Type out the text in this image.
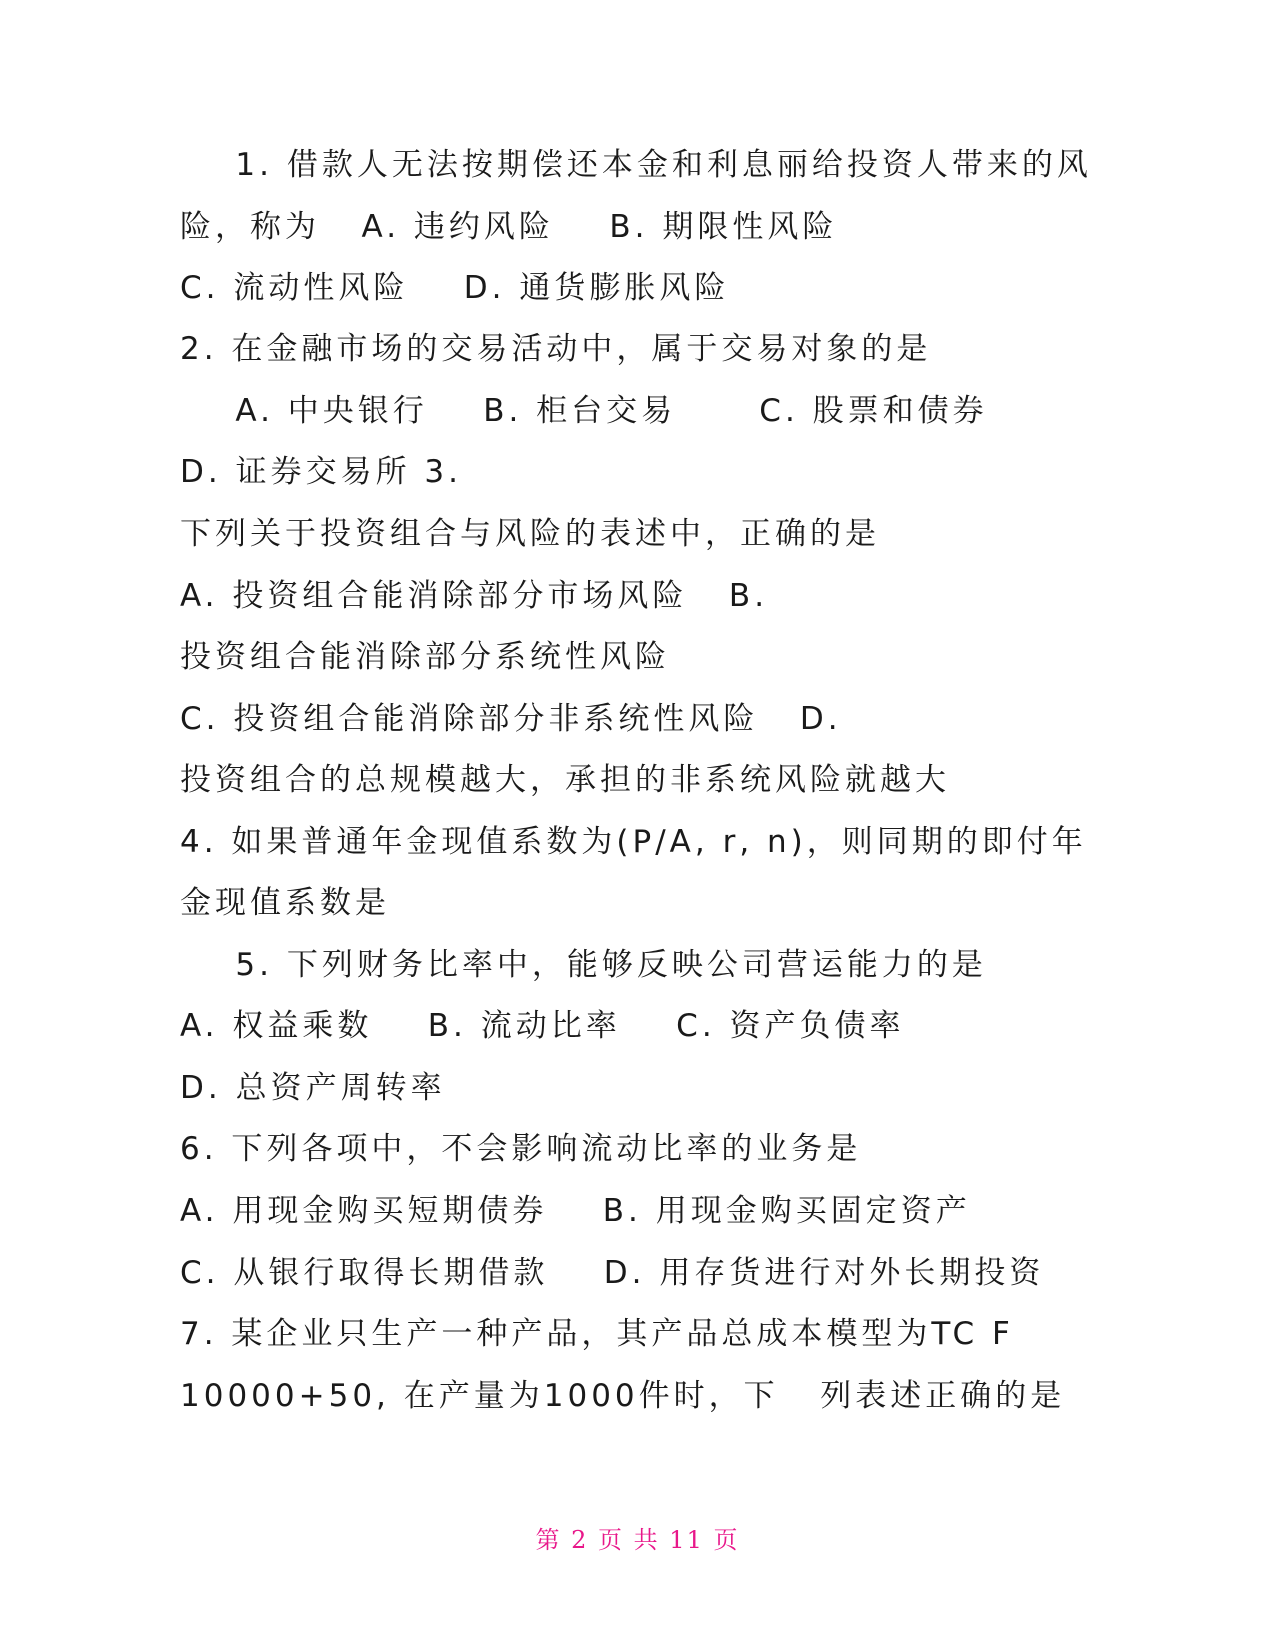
1. 借款人无法按期偿还本金和利息丽给投资人带来的风
险，称为   A. 违约风险    B. 期限性风险
C. 流动性风险    D. 通货膨胀风险
2. 在金融市场的交易活动中，属于交易对象的是
A. 中央银行    B. 柜台交易      C. 股票和债券
D. 证券交易所 3.
下列关于投资组合与风险的表述中，正确的是
A. 投资组合能消除部分市场风险   B.
投资组合能消除部分系统性风险
C. 投资组合能消除部分非系统性风险   D.
投资组合的总规模越大，承担的非系统风险就越大
4. 如果普通年金现值系数为(P/A, r, n)，则同期的即付年
金现值系数是
5. 下列财务比率中，能够反映公司营运能力的是
A. 权益乘数    B. 流动比率    C. 资产负债率
D. 总资产周转率
6. 下列各项中，不会影响流动比率的业务是
A. 用现金购买短期债券    B. 用现金购买固定资产
C. 从银行取得长期借款    D. 用存货进行对外长期投资
7. 某企业只生产一种产品，其产品总成本模型为TC F
10000+50, 在产量为1000件时，下   列表述正确的是
第 2 页 共 11 页
